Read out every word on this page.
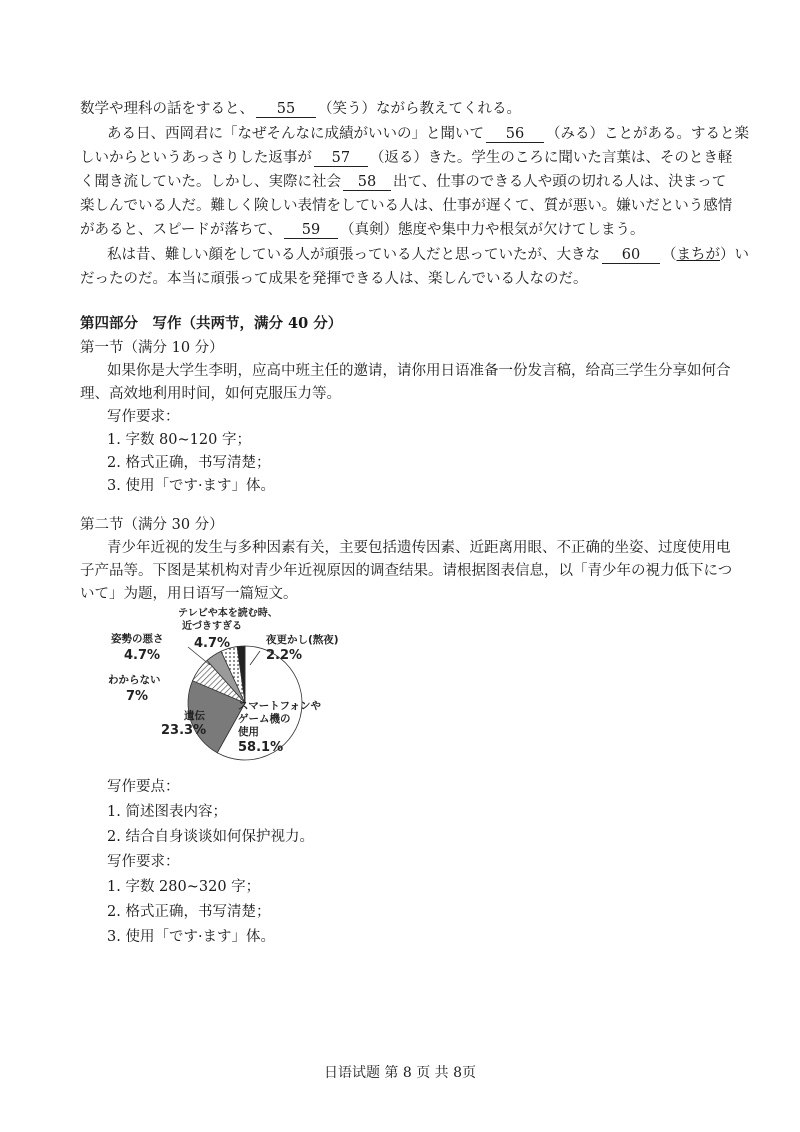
数学や理科の話をすると、 55 （笑う）ながら教えてくれる。
ある日、西岡君に「なぜそんなに成績がいいの」と聞いて 56 （みる）ことがある。すると楽
しいからというあっさりした返事が 57 （返る）きた。学生のころに聞いた言葉は、そのとき軽
く聞き流していた。しかし、実際に社会 58 出て、仕事のできる人や頭の切れる人は、決まって
楽しんでいる人だ。難しく険しい表情をしている人は、仕事が遅くて、質が悪い。嫌いだという感情
があると、スピードが落ちて、 59 （真剣）態度や集中力や根気が欠けてしまう。
私は昔、難しい顔をしている人が頑張っている人だと思っていたが、大きな 60 （まちが）い
だったのだ。本当に頑張って成果を発揮できる人は、楽しんでいる人なのだ。
第四部分　写作（共两节，满分 40 分）
第一节（满分 10 分）
如果你是大学生李明，应高中班主任的邀请，请你用日语准备一份发言稿，给高三学生分享如何合
理、高效地利用时间，如何克服压力等。
写作要求：
1. 字数 80~120 字；
2. 格式正确，书写清楚；
3. 使用「です·ます」体。
第二节（满分 30 分）
青少年近视的发生与多种因素有关，主要包括遗传因素、近距离用眼、不正确的坐姿、过度使用电
子产品等。下图是某机构对青少年近视原因的调查结果。请根据图表信息，以「青少年の視力低下につ
いて」为题，用日语写一篇短文。
スマートフォンや
ゲーム機の
使用
58.1%
遺伝
23.3%
わからない
7%
姿勢の悪さ
4.7%
テレビや本を読む時、
近づきすぎる
4.7%	夜更かし(熬夜)
2.2%
写作要点：
1. 简述图表内容；
2. 结合自身谈谈如何保护视力。
写作要求：
1. 字数 280~320 字；
2. 格式正确，书写清楚；
3. 使用「です·ます」体。
日语试题 第 8 页 共 8页
